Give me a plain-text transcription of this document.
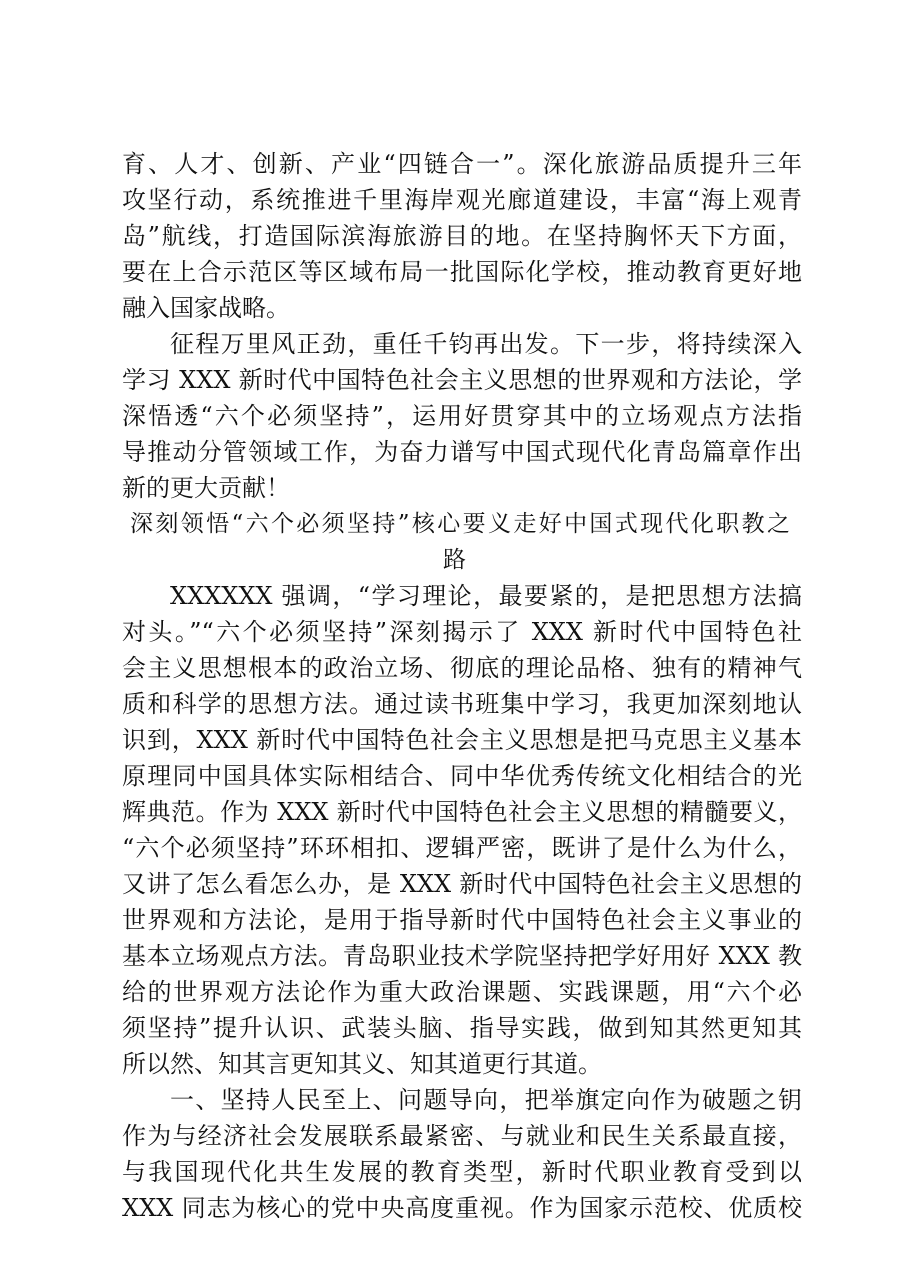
育、人才、创新、产业“四链合一”。深化旅游品质提升三年
攻坚行动，系统推进千里海岸观光廊道建设，丰富“海上观青
岛”航线，打造国际滨海旅游目的地。在坚持胸怀天下方面，
要在上合示范区等区域布局一批国际化学校，推动教育更好地
融入国家战略。
征程万里风正劲，重任千钧再出发。下一步，将持续深入
学习 XXX 新时代中国特色社会主义思想的世界观和方法论，学
深悟透“六个必须坚持”，运用好贯穿其中的立场观点方法指
导推动分管领域工作，为奋力谱写中国式现代化青岛篇章作出
新的更大贡献！
深刻领悟“六个必须坚持”核心要义走好中国式现代化职教之
路
XXXXXX 强调，“学习理论，最要紧的，是把思想方法搞
对头。”“六个必须坚持”深刻揭示了 XXX 新时代中国特色社
会主义思想根本的政治立场、彻底的理论品格、独有的精神气
质和科学的思想方法。通过读书班集中学习，我更加深刻地认
识到，XXX 新时代中国特色社会主义思想是把马克思主义基本
原理同中国具体实际相结合、同中华优秀传统文化相结合的光
辉典范。作为 XXX 新时代中国特色社会主义思想的精髓要义，
“六个必须坚持”环环相扣、逻辑严密，既讲了是什么为什么，
又讲了怎么看怎么办，是 XXX 新时代中国特色社会主义思想的
世界观和方法论，是用于指导新时代中国特色社会主义事业的
基本立场观点方法。青岛职业技术学院坚持把学好用好 XXX 教
给的世界观方法论作为重大政治课题、实践课题，用“六个必
须坚持”提升认识、武装头脑、指导实践，做到知其然更知其
所以然、知其言更知其义、知其道更行其道。
一、坚持人民至上、问题导向，把举旗定向作为破题之钥
作为与经济社会发展联系最紧密、与就业和民生关系最直接，
与我国现代化共生发展的教育类型，新时代职业教育受到以
XXX 同志为核心的党中央高度重视。作为国家示范校、优质校
